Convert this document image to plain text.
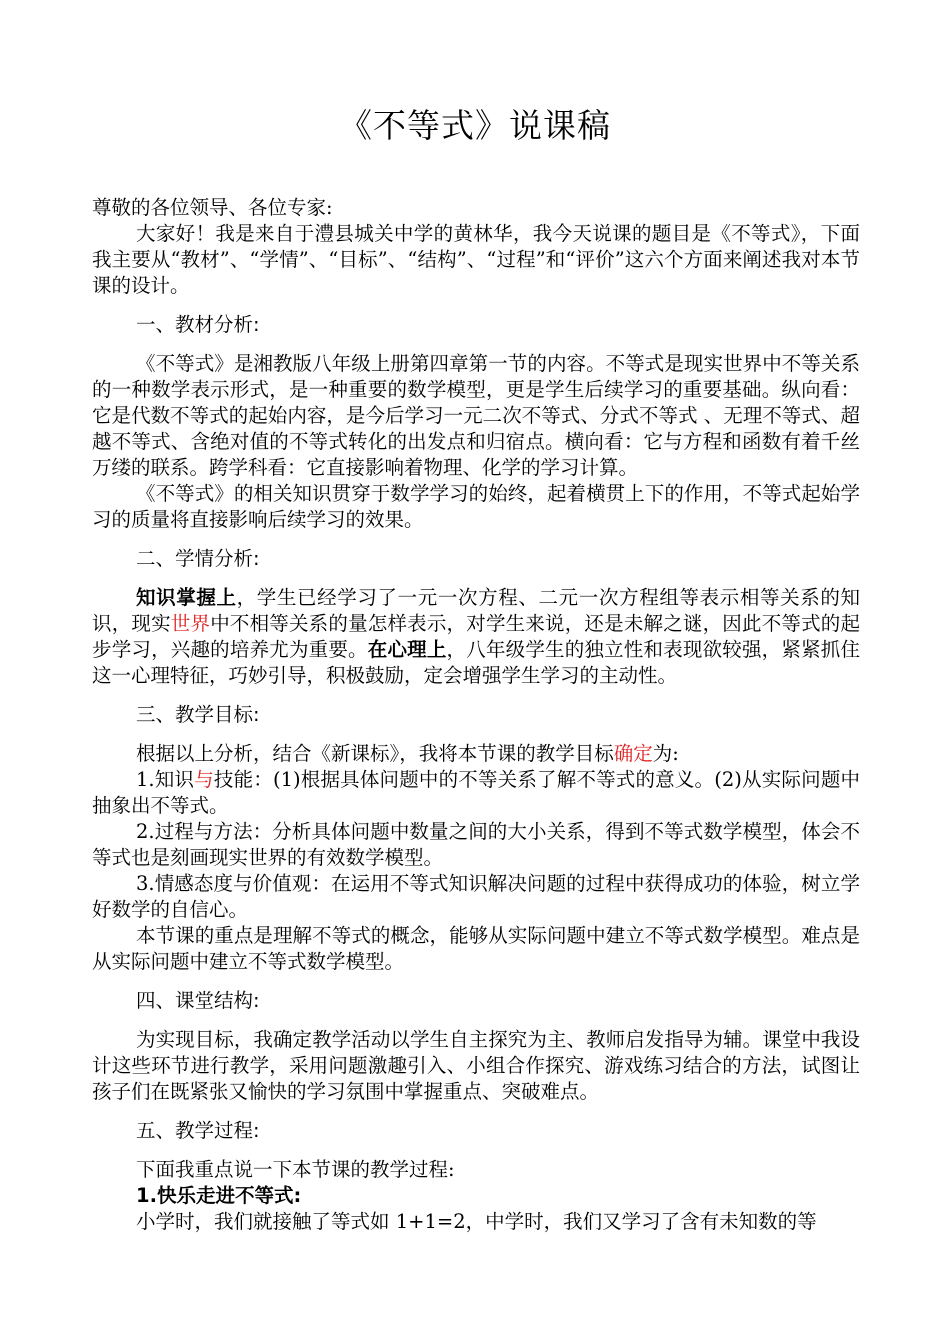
《不等式》说课稿

尊敬的各位领导、各位专家:

大家好！我是来自于澧县城关中学的黄林华，我今天说课的题目是《不等式》，下面我主要从“教材”、“学情”、“目标”、“结构”、“过程”和“评价”这六个方面来阐述我对本节课的设计。

一、教材分析:

《不等式》是湘教版八年级上册第四章第一节的内容。不等式是现实世界中不等关系的一种数学表示形式，是一种重要的数学模型，更是学生后续学习的重要基础。纵向看：它是代数不等式的起始内容，是今后学习一元二次不等式、分式不等式 、无理不等式、超越不等式、含绝对值的不等式转化的出发点和归宿点。横向看：它与方程和函数有着千丝万缕的联系。跨学科看：它直接影响着物理、化学的学习计算。

《不等式》的相关知识贯穿于数学学习的始终，起着横贯上下的作用，不等式起始学习的质量将直接影响后续学习的效果。

二、学情分析:

知识掌握上，学生已经学习了一元一次方程、二元一次方程组等表示相等关系的知识，现实世界中不相等关系的量怎样表示，对学生来说，还是未解之谜，因此不等式的起步学习，兴趣的培养尤为重要。在心理上，八年级学生的独立性和表现欲较强，紧紧抓住这一心理特征，巧妙引导，积极鼓励，定会增强学生学习的主动性。

三、教学目标:

根据以上分析，结合《新课标》，我将本节课的教学目标确定为:

1.知识与技能：(1)根据具体问题中的不等关系了解不等式的意义。(2)从实际问题中抽象出不等式。

2.过程与方法：分析具体问题中数量之间的大小关系，得到不等式数学模型，体会不等式也是刻画现实世界的有效数学模型。

3.情感态度与价值观：在运用不等式知识解决问题的过程中获得成功的体验，树立学好数学的自信心。

本节课的重点是理解不等式的概念，能够从实际问题中建立不等式数学模型。难点是从实际问题中建立不等式数学模型。

四、课堂结构:

为实现目标，我确定教学活动以学生自主探究为主、教师启发指导为辅。课堂中我设计这些环节进行教学，采用问题激趣引入、小组合作探究、游戏练习结合的方法，试图让孩子们在既紧张又愉快的学习氛围中掌握重点、突破难点。

五、教学过程:

下面我重点说一下本节课的教学过程:

1.快乐走进不等式:

小学时，我们就接触了等式如 1+1=2，中学时，我们又学习了含有未知数的等
